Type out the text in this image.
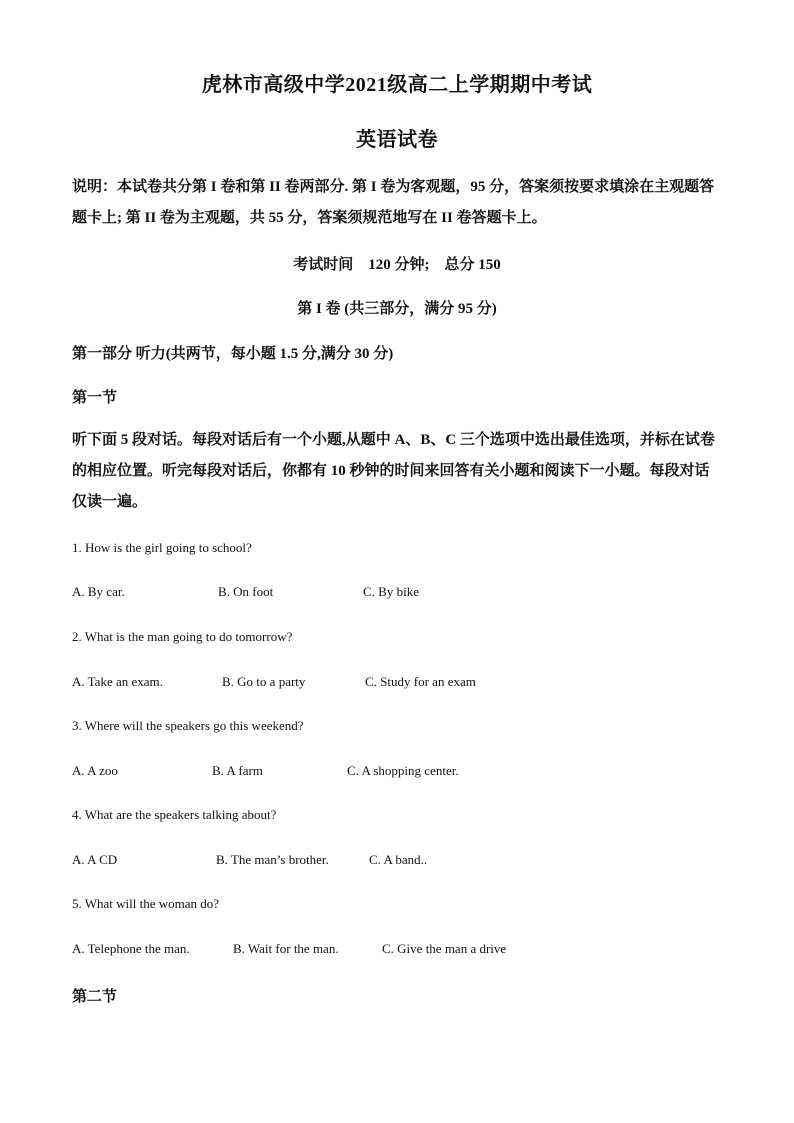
虎林市高级中学2021级高二上学期期中考试
英语试卷
说明：本试卷共分第 I 卷和第 II 卷两部分. 第 I 卷为客观题，95 分，答案须按要求填涂在主观题答题卡上; 第 II 卷为主观题，共 55 分，答案须规范地写在 II 卷答题卡上。
考试时间　120 分钟;　总分 150
第 I 卷 (共三部分，满分 95 分)
第一部分 听力(共两节，每小题 1.5 分,满分 30 分)
第一节
听下面 5 段对话。每段对话后有一个小题,从题中 A、B、C 三个选项中选出最佳选项，并标在试卷的相应位置。听完每段对话后，你都有 10 秒钟的时间来回答有关小题和阅读下一小题。每段对话仅读一遍。
1. How is the girl going to school?
A. By car.	B. On foot	C. By bike
2. What is the man going to do tomorrow?
A. Take an exam.	B. Go to a party	C. Study for an exam
3. Where will the speakers go this weekend?
A. A zoo	B. A farm	C. A shopping center.
4. What are the speakers talking about?
A. A CD	B. The man’s brother.	C. A band..
5. What will the woman do?
A. Telephone the man.	B. Wait for the man.	C. Give the man a drive
第二节
